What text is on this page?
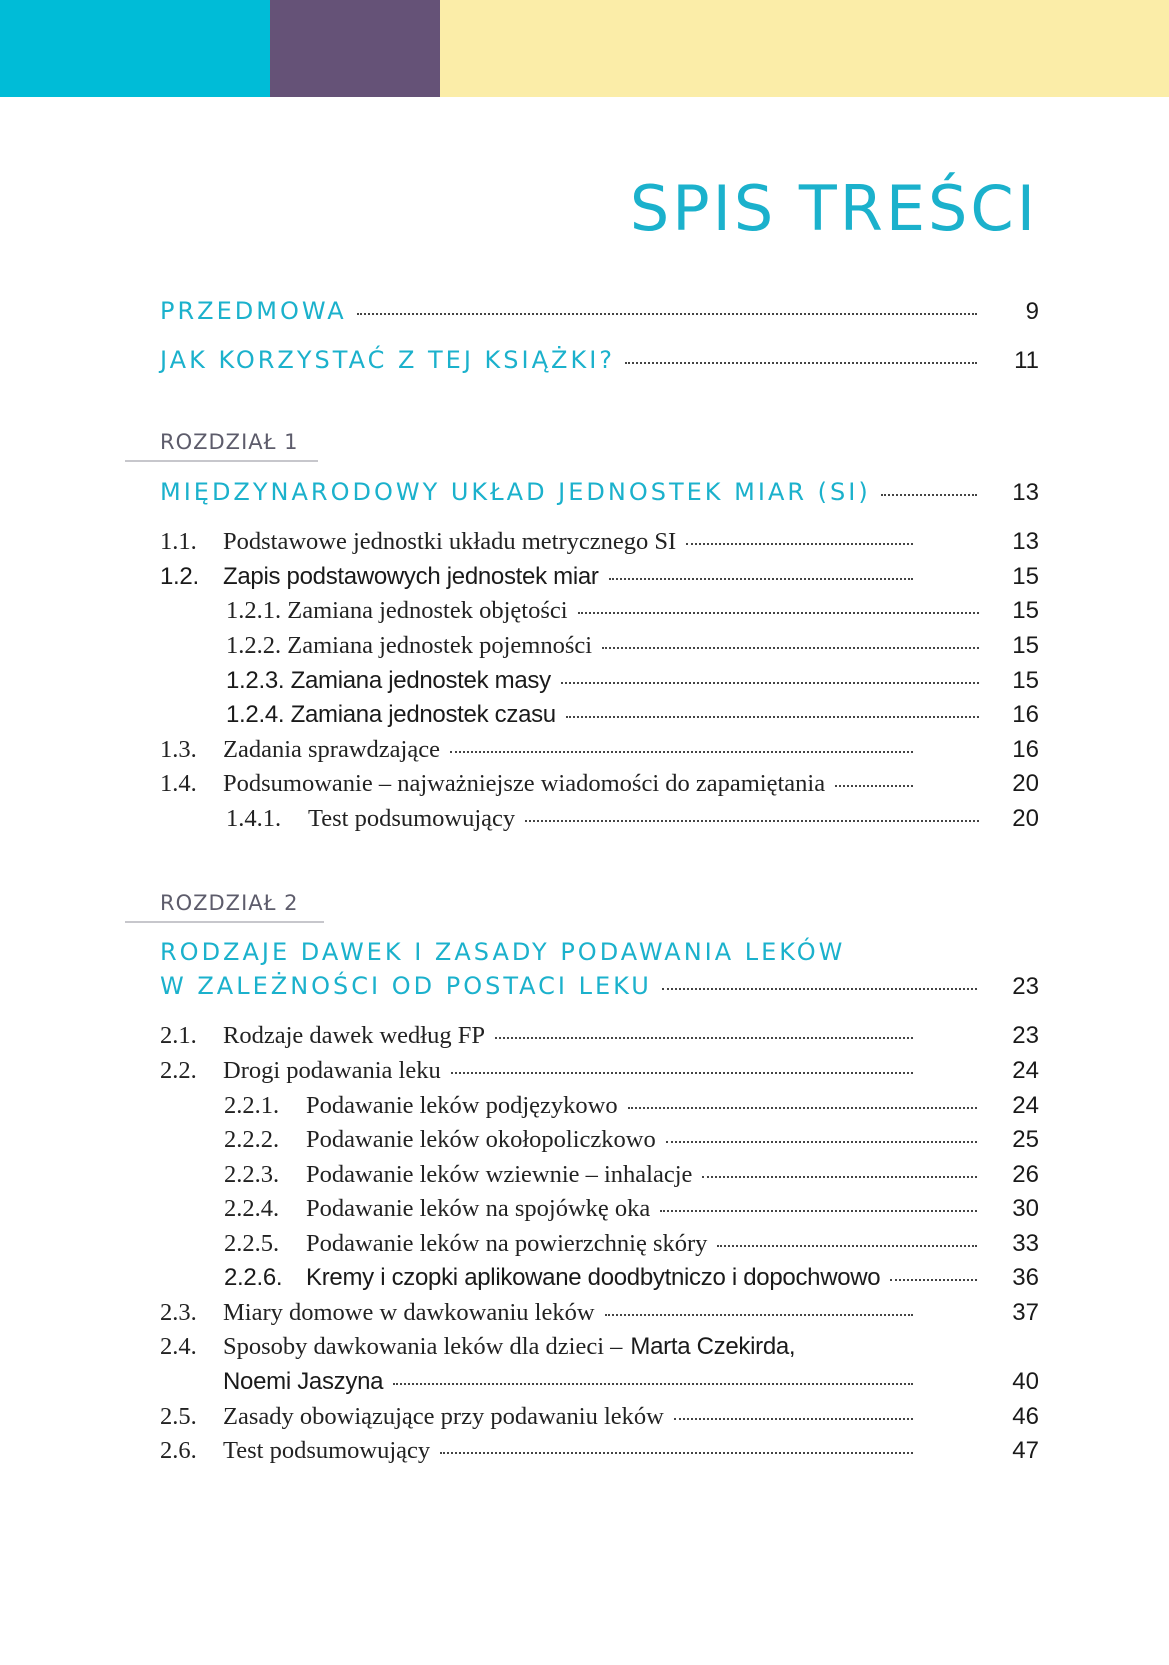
SPIS TREŚCI
PRZEDMOWA	9
JAK KORZYSTAĆ Z TEJ KSIĄŻKI?	11
ROZDZIAŁ 1
MIĘDZYNARODOWY UKŁAD JEDNOSTEK MIAR (SI)	13
1.1.	Podstawowe jednostki układu metrycznego SI	13
1.2.	Zapis podstawowych jednostek miar	15
1.2.1. Zamiana jednostek objętości	15
1.2.2. Zamiana jednostek pojemności	15
1.2.3. Zamiana jednostek masy	15
1.2.4. Zamiana jednostek czasu	16
1.3.	Zadania sprawdzające	16
1.4.	Podsumowanie – najważniejsze wiadomości do zapamiętania	20
1.4.1.	Test podsumowujący	20
ROZDZIAŁ 2
RODZAJE DAWEK I ZASADY PODAWANIA LEKÓW
W ZALEŻNOŚCI OD POSTACI LEKU	23
2.1.	Rodzaje dawek według FP	23
2.2.	Drogi podawania leku	24
2.2.1.	Podawanie leków podjęzykowo	24
2.2.2.	Podawanie leków okołopoliczkowo	25
2.2.3.	Podawanie leków wziewnie – inhalacje	26
2.2.4.	Podawanie leków na spojówkę oka	30
2.2.5.	Podawanie leków na powierzchnię skóry	33
2.2.6. Kremy i czopki aplikowane doodbytniczo i dopochwowo	36
2.3.	Miary domowe w dawkowaniu leków	37
2.4.	Sposoby dawkowania leków dla dzieci – Marta Czekirda,
Noemi Jaszyna	40
2.5.	Zasady obowiązujące przy podawaniu leków	46
2.6.	Test podsumowujący	47
